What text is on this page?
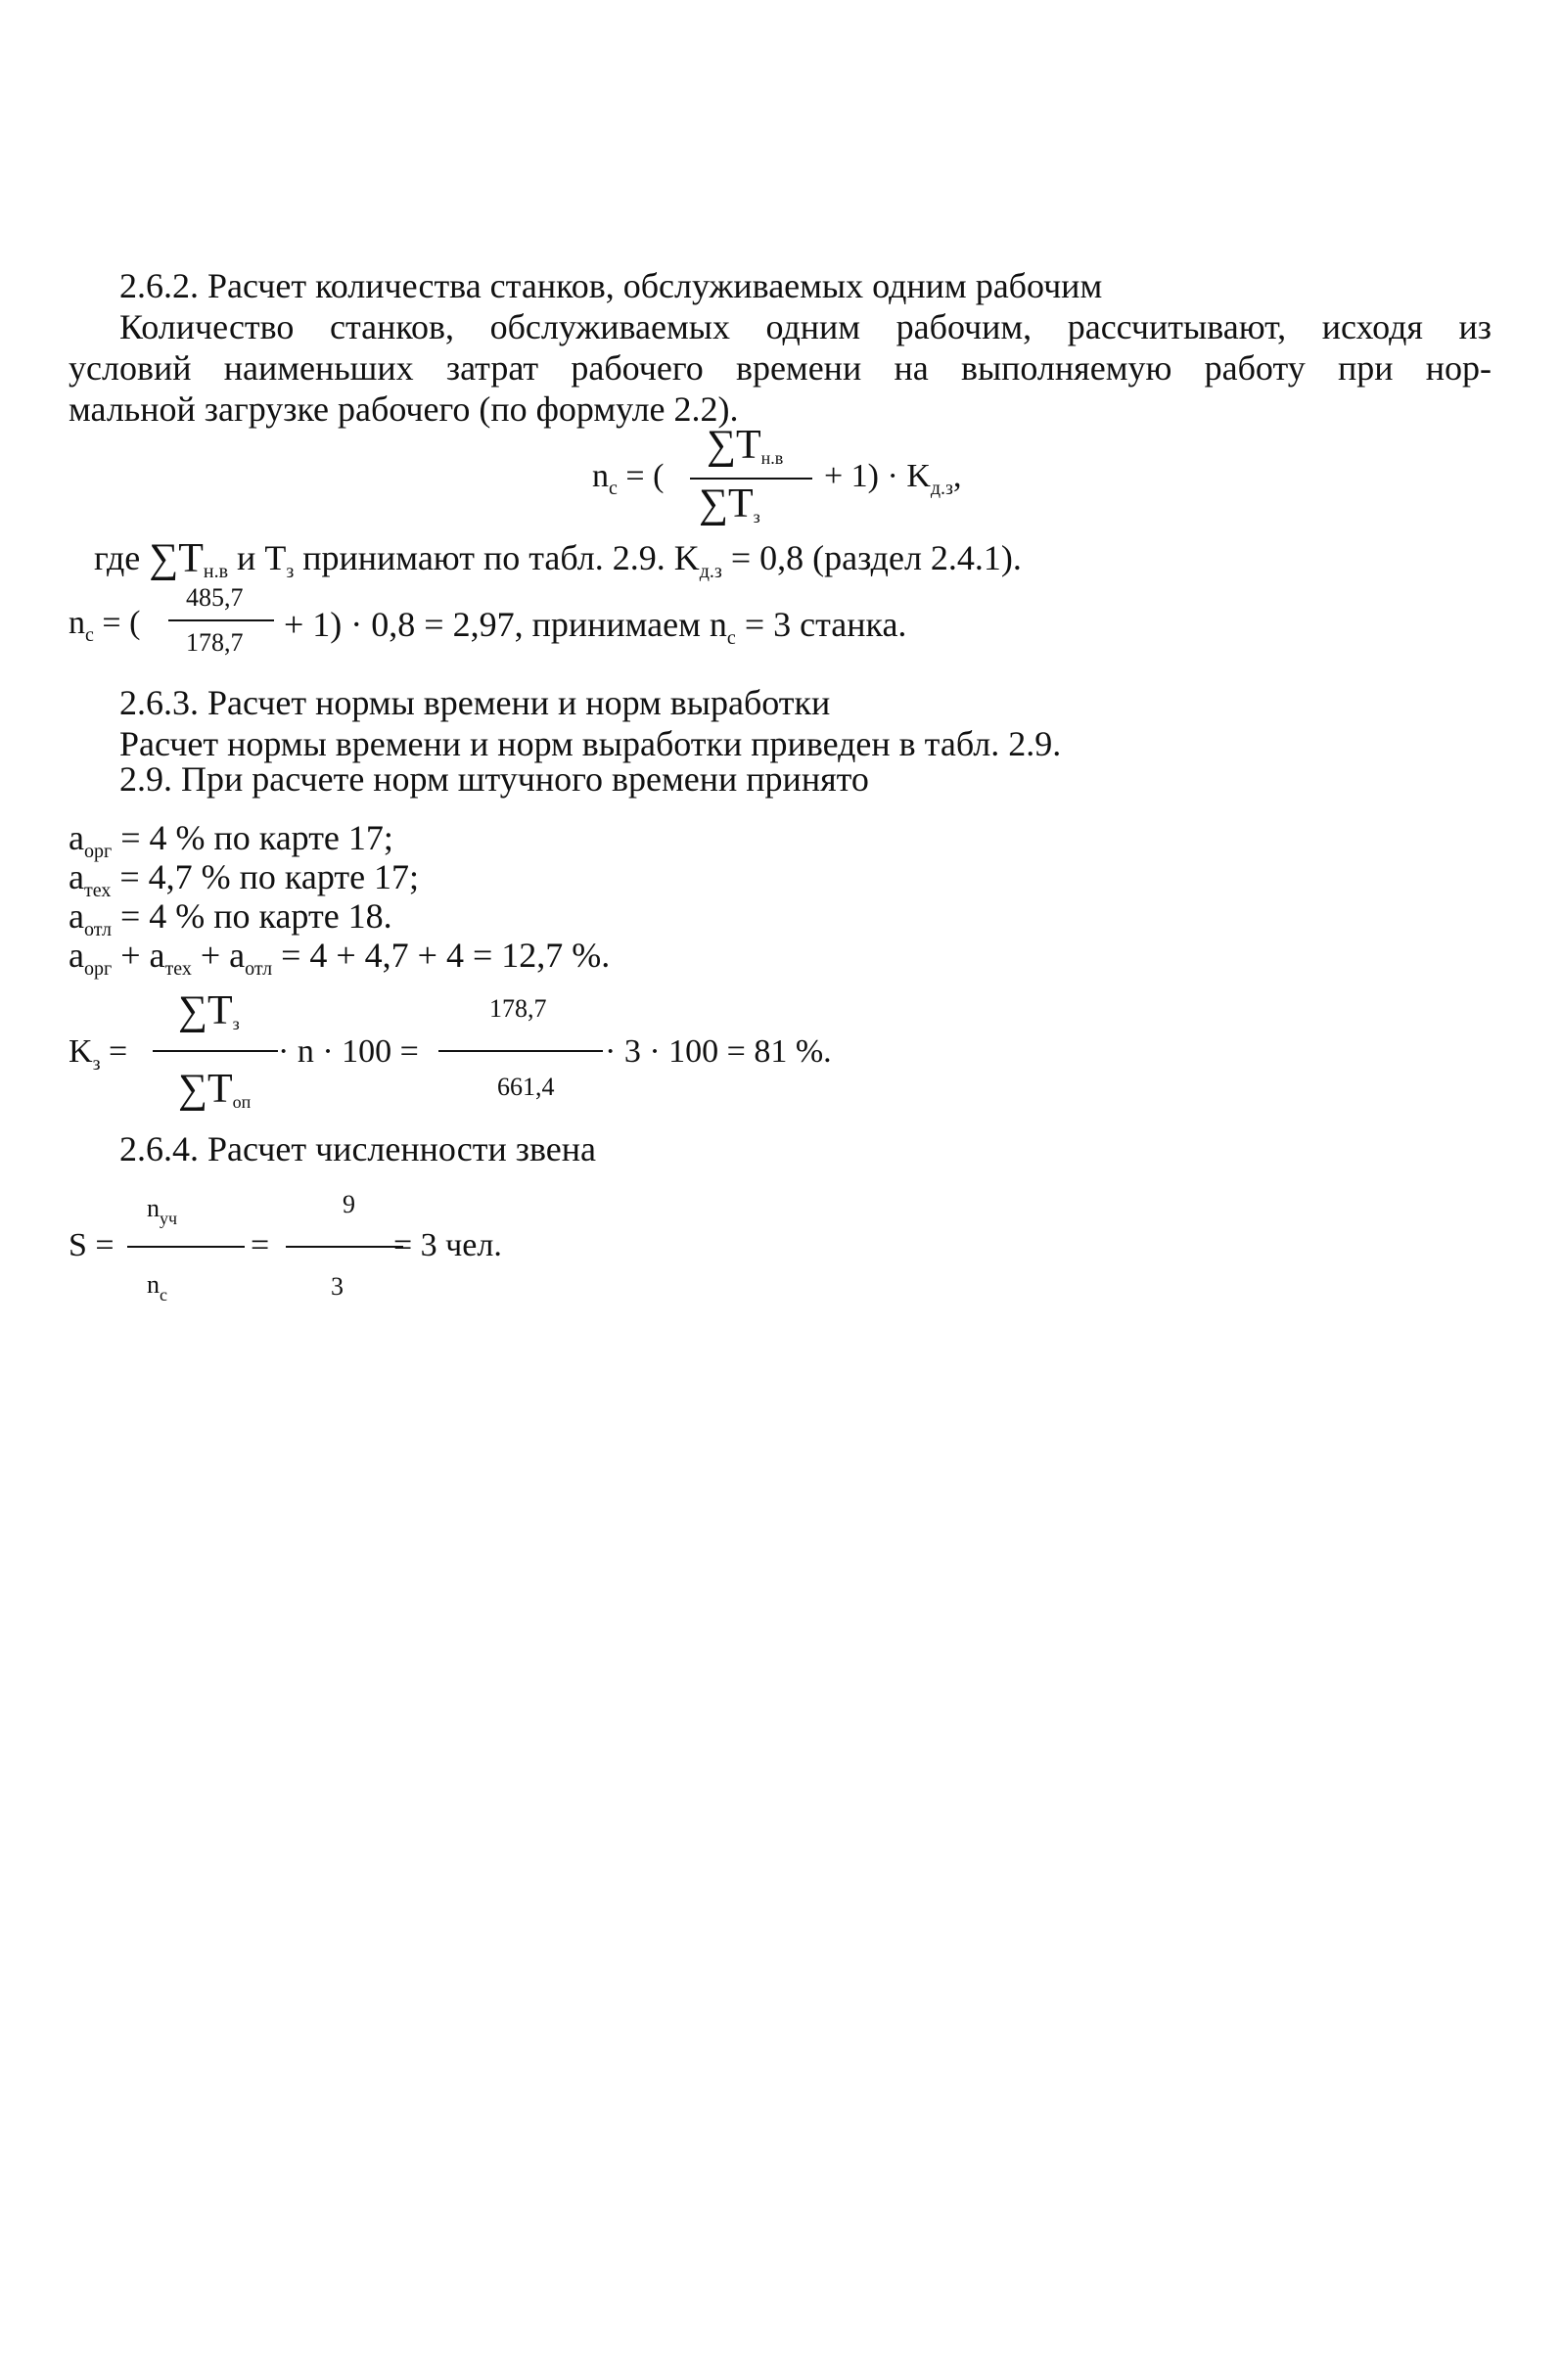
2.6.2. Расчет количества станков, обслуживаемых одним рабочим
Количество станков, обслуживаемых одним рабочим, рассчитывают, исходя из
условий наименьших затрат рабочего времени на выполняемую работу при нор-
мальной загрузке рабочего (по формуле 2.2).
$n_с$ = (
$\sum T_{н.в}$
$\sum T_з$
+ $1) \cdot K_{д.з}$,
где $\sum T_{н.в}$ и $T_з$ принимают по табл. 2.9. $K_{д.з} = 0,8$ (раздел 2.4.1).
$n_с$ = (
485,7
178,7 + 1) · 0,8 = 2,97, принимаем $n_с = 3$ станка.
2.6.3. Расчет нормы времени и норм выработки
Расчет нормы времени и норм выработки приведен в табл. 2.9.
2.9. При расчете норм штучного времени принято
$a_{орг} = 4$ % по карте 17;
$a_{тех} = 4,7$ % по карте 17;
$a_{отл} = 4$ % по карте 18.
$a_{орг} + a_{тех} + a_{отл} = 4 + 4,7 + 4 = 12,7$ %.
$K_з$ =
$\sum T_з$
$\sum T_{оп}$
· n · 100 =
178,7
661,4
· 3 · 100 = 81 %.
2.6.4. Расчет численности звена
S =
$n_{уч}$
$n_с$
=
9
3
= 3 чел.
